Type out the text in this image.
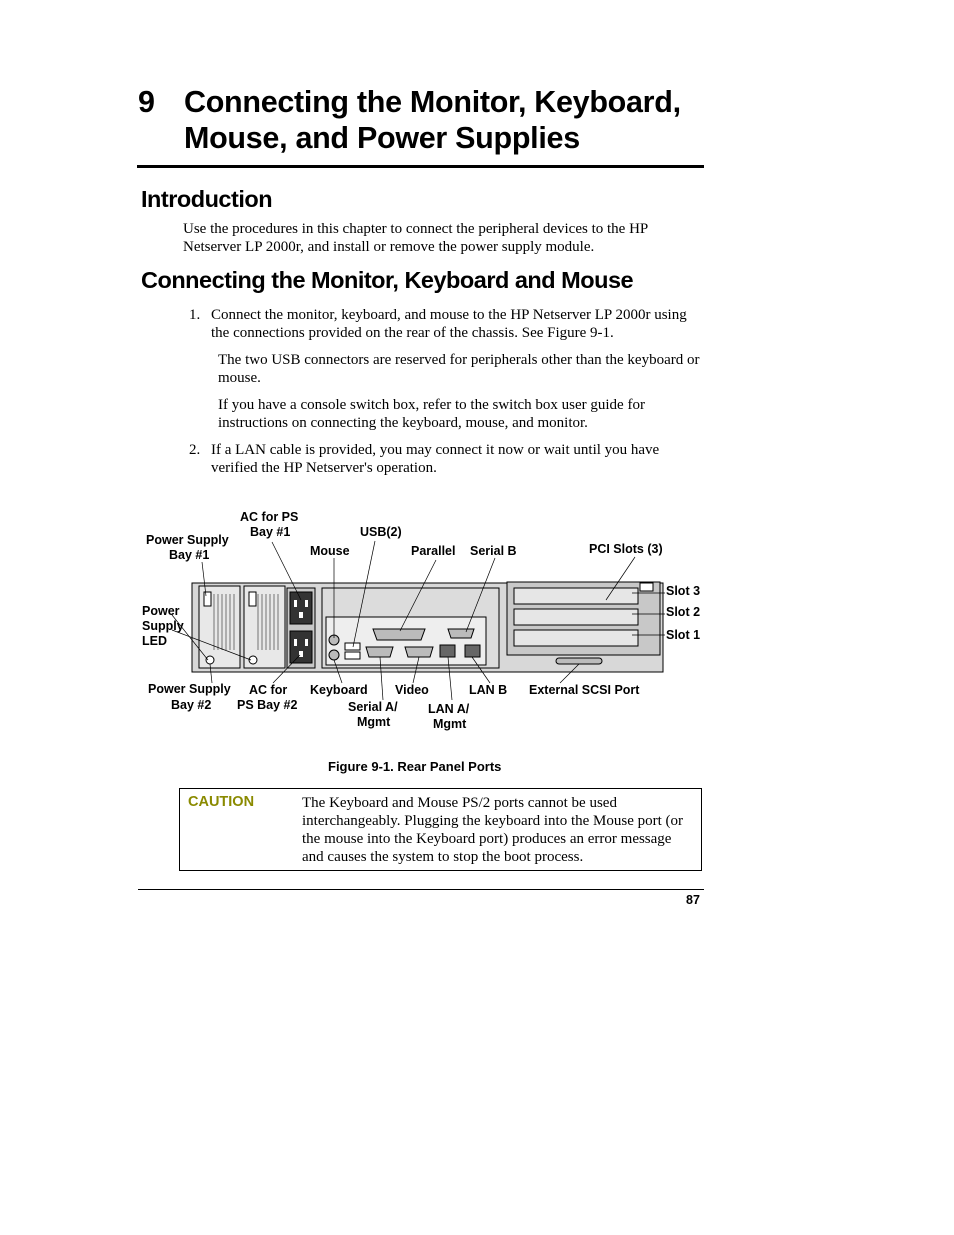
9 Connecting the Monitor, Keyboard,
Mouse, and Power Supplies
Introduction
Use the procedures in this chapter to connect the peripheral devices to the HP Netserver LP 2000r, and install or remove the power supply module.
Connecting the Monitor, Keyboard and Mouse
1. Connect the monitor, keyboard, and mouse to the HP Netserver LP 2000r using the connections provided on the rear of the chassis. See Figure 9-1.
The two USB connectors are reserved for peripherals other than the keyboard or mouse.
If you have a console switch box, refer to the switch box user guide for instructions on connecting the keyboard, mouse, and monitor.
2. If a LAN cable is provided, you may connect it now or wait until you have verified the HP Netserver's operation.
AC for PS
Bay #1	USB(2)
Power Supply
Bay #1	Mouse	Parallel Serial B	PCI Slots (3)
Slot 3
Slot 2
Slot 1
Power
Supply
LED
Power Supply
Bay #2
AC for
PS Bay #2
Keyboard Video	LAN B External SCSI Port
Serial A/
Mgmt
LAN A/
Mgmt
Figure 9-1. Rear Panel Ports
CAUTION	The Keyboard and Mouse PS/2 ports cannot be used interchangeably. Plugging the keyboard into the Mouse port (or the mouse into the Keyboard port) produces an error message and causes the system to stop the boot process.
87
